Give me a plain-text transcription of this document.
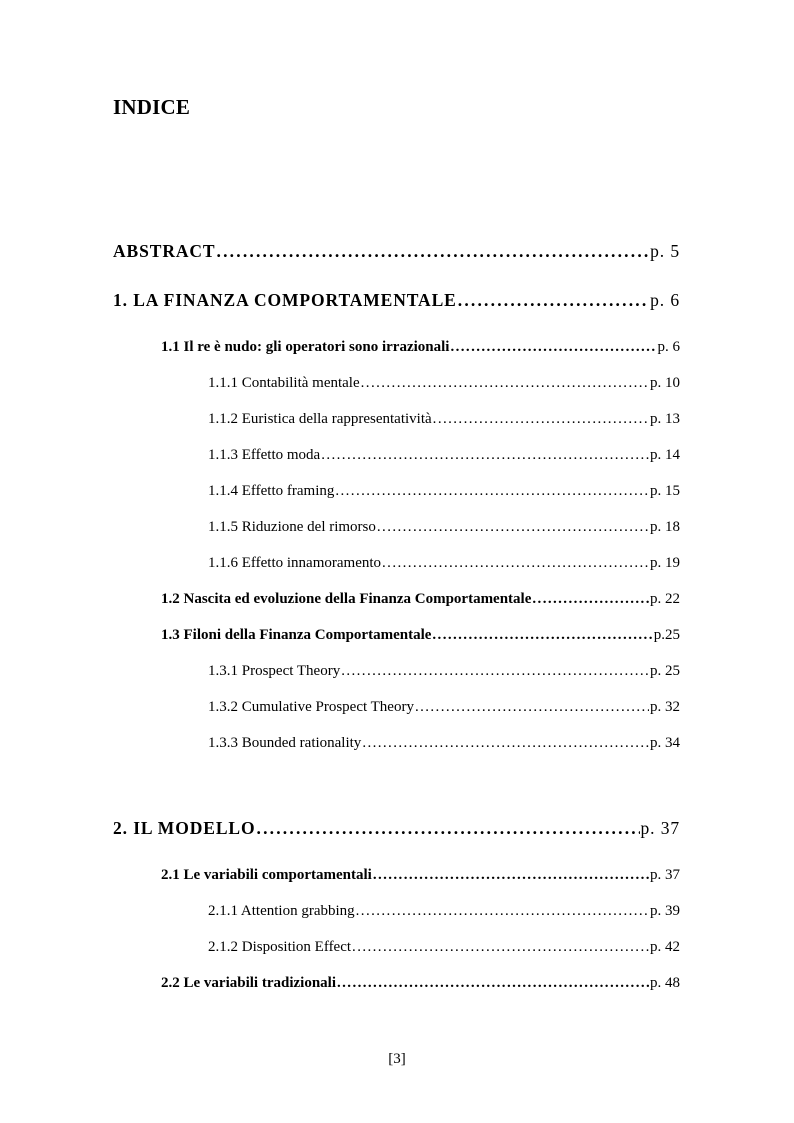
INDICE
ABSTRACT .....	p. 5
1. LA FINANZA COMPORTAMENTALE .....	p. 6
1.1 Il re è nudo: gli operatori sono irrazionali .....	p. 6
1.1.1 Contabilità mentale .....	p. 10
1.1.2 Euristica della rappresentatività .....	p. 13
1.1.3 Effetto moda .....	p. 14
1.1.4 Effetto framing .....	p. 15
1.1.5 Riduzione del rimorso .....	p. 18
1.1.6 Effetto innamoramento .....	p. 19
1.2 Nascita ed evoluzione della Finanza Comportamentale .....	p. 22
1.3 Filoni della Finanza Comportamentale .....	p.25
1.3.1 Prospect Theory .....	p. 25
1.3.2 Cumulative Prospect Theory .....	p. 32
1.3.3 Bounded rationality .....	p. 34
2. IL MODELLO .....	p. 37
2.1 Le variabili comportamentali .....	p. 37
2.1.1 Attention grabbing .....	p. 39
2.1.2 Disposition Effect .....	p. 42
2.2 Le variabili tradizionali .....	p. 48
[3]
